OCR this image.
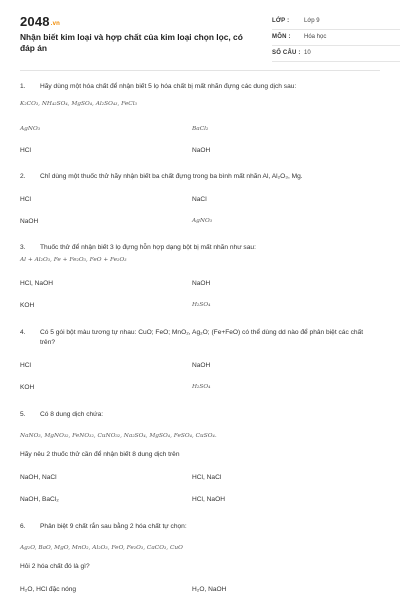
2048.vn
Nhận biết kim loại và hợp chất của kim loại chọn lọc, có đáp án
LỚP : Lớp 9
MÔN : Hóa học
SỐ CÂU : 10
1. Hãy dùng một hóa chất để nhận biết 5 lọ hóa chất bị mất nhãn đựng các dung dịch sau:
K₂CO₃, NH₄₂SO₄, MgSO₄, Al₂SO₄₃, FeCl₃
AgNO₃	BaCl₂
HCl	NaOH
2. Chỉ dùng một thuốc thử hãy nhận biết ba chất đựng trong ba bình mất nhãn Al, Al₂O₃, Mg.
HCl	NaCl
NaOH	AgNO₃
3. Thuốc thử để nhận biết 3 lọ đựng hỗn hợp dạng bột bị mất nhãn như sau:
Al + Al₂O₃, Fe + Fe₂O₃, FeO + Fe₂O₃
HCl, NaOH	NaOH
KOH	H₂SO₄
4. Có 5 gói bột màu tương tự nhau: CuO; FeO; MnO₂, Ag₂O; (Fe+FeO) có thể dùng dd nào để phân biệt các chất trên?
HCl	NaOH
KOH	H₂SO₄
5. Có 8 dung dịch chứa:
NaNO₃, MgNO₃₂, FeNO₃₂, CuNO₃₂, Na₂SO₄, MgSO₄, FeSO₄, CuSO₄.
Hãy nêu 2 thuốc thử cần để nhận biết 8 dung dịch trên
NaOH, NaCl	HCl, NaCl
NaOH, BaCl₂	HCl, NaOH
6. Phân biệt 9 chất rắn sau bằng 2 hóa chất tự chọn:
Ag₂O, BaO, MgO, MnO₂, Al₂O₃, FeO, Fe₂O₃, CaCO₃, CuO
Hỏi 2 hóa chất đó là gì?
H₂O, HCl đặc nóng	H₂O, NaOH
